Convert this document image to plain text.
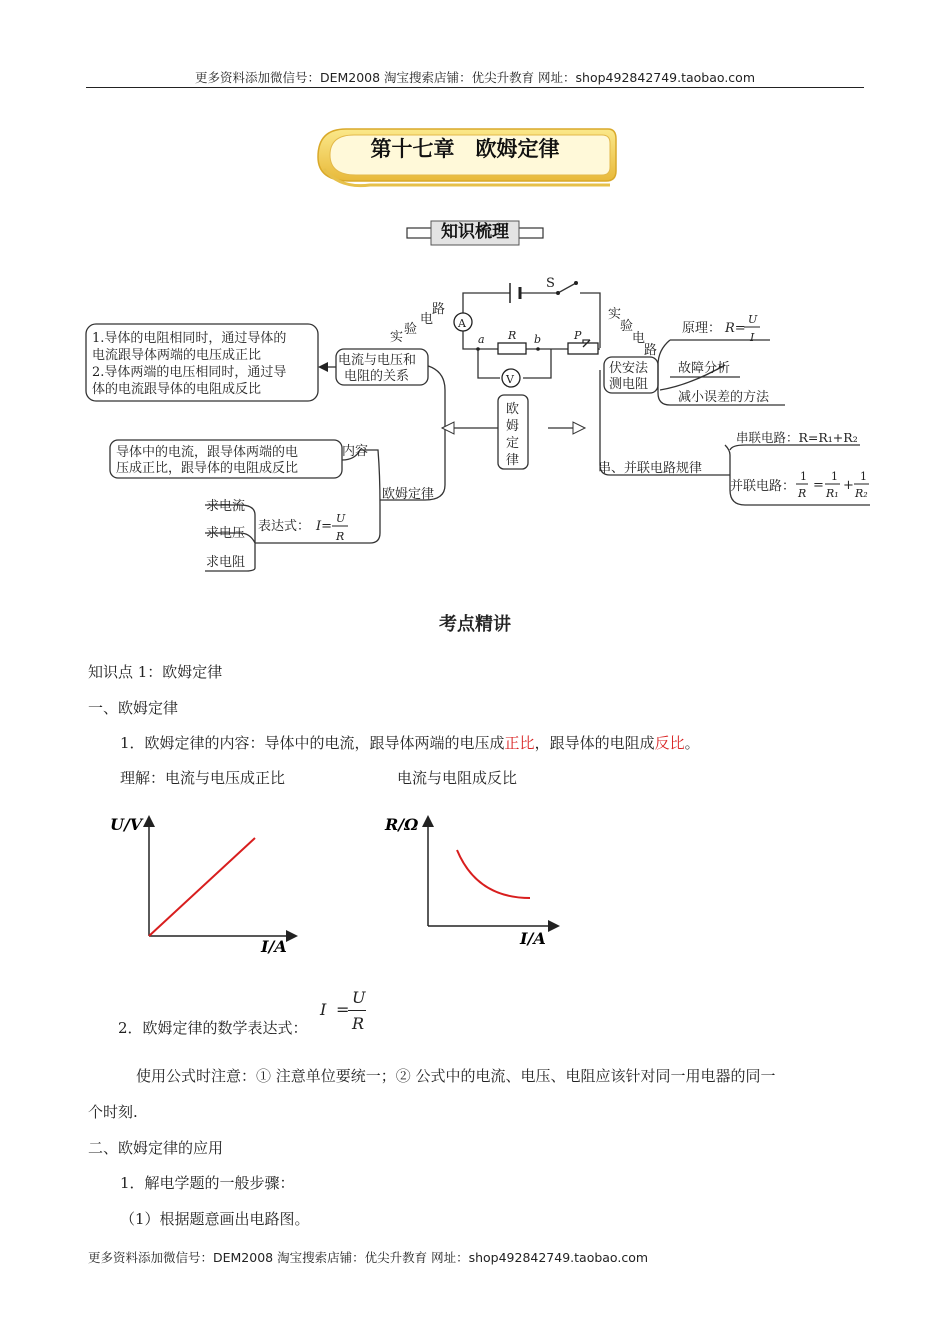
更多资料添加微信号：DEM2008 淘宝搜索店铺：优尖升教育 网址：shop492842749.taobao.com
第十七章　欧姆定律
知识梳理
S
A
V
a	b
R	P
实
验
电
路	实
验
电
路
1.导体的电阻相同时，通过导体的
电流跟导体两端的电压成正比
2.导体两端的电压相同时，通过导
体的电流跟导体的电阻成反比
电流与电压和
电阻的关系
欧
姆
定
律
伏安法
测电阻
原理： R=
U
I
故障分析
减小误差的方法
串、并联电路规律
串联电路：R=R₁+R₂
并联电路：
1
R
=
1
R₁
+
1
R₂
导体中的电流，跟导体两端的电
压成正比，跟导体的电阻成反比
内容
欧姆定律
表达式： I=
U
R
求电流
求电压
求电阻
考点精讲
知识点 1：欧姆定律
一、欧姆定律
1．欧姆定律的内容：导体中的电流，跟导体两端的电压成正比，跟导体的电阻成反比。
理解：电流与电压成正比	电流与电阻成反比
U/V
I/A
R/Ω
I/A
2．欧姆定律的数学表达式：
I =
U
R
使用公式时注意：① 注意单位要统一；② 公式中的电流、电压、电阻应该针对同一用电器的同一
个时刻.
二、欧姆定律的应用
1．解电学题的一般步骤：
（1）根据题意画出电路图。
更多资料添加微信号：DEM2008 淘宝搜索店铺：优尖升教育 网址：shop492842749.taobao.com
